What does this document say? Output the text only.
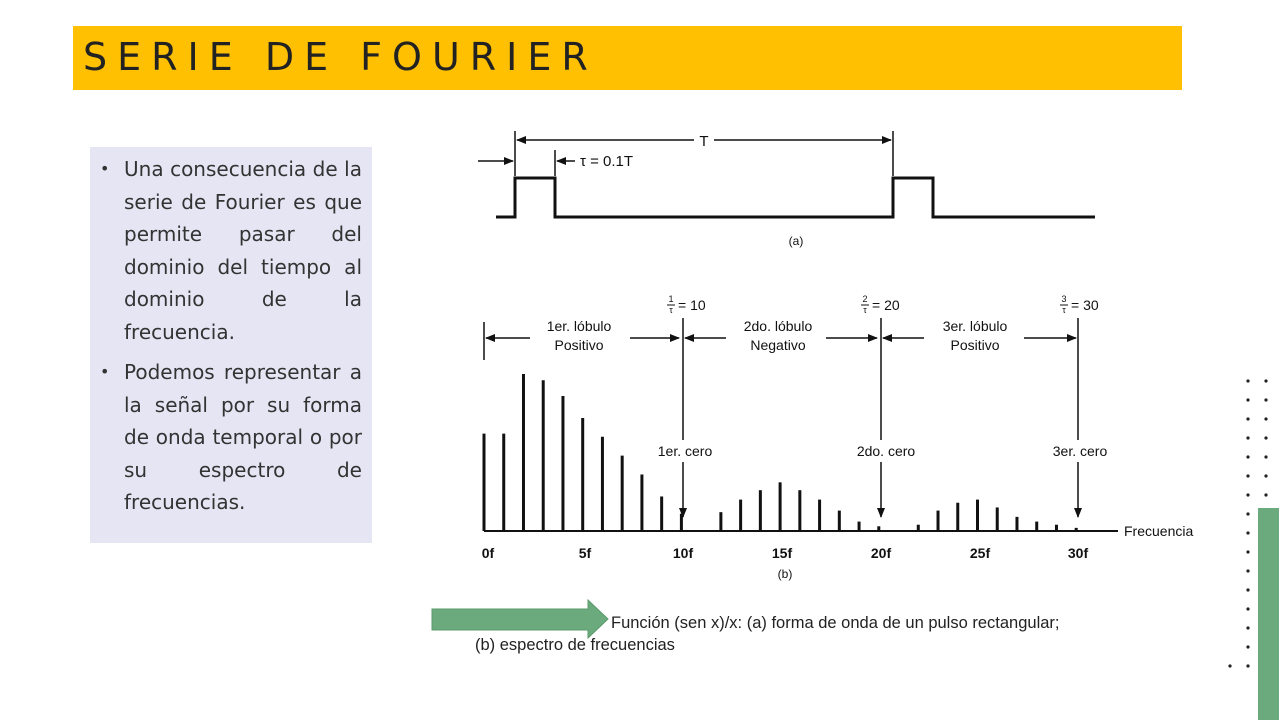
SERIE DE FOURIER
• Una consecuencia de la serie de Fourier es que permite pasar del dominio del tiempo al dominio de la frecuencia.
• Podemos representar a la señal por su forma de onda temporal o por su espectro de frecuencias.
T
τ = 0.1T
(a)
Frecuencia
0f	5f	10f	15f	20f	25f	30f
(b)
1er. lóbulo
Positivo
2do. lóbulo
Negativo
3er. lóbulo
Positivo
1er. cero	2do. cero	3er. cero
1
τ = 10	2
τ = 20	3
τ = 30
Función (sen x)/x: (a) forma de onda de un pulso rectangular;
(b) espectro de frecuencias
